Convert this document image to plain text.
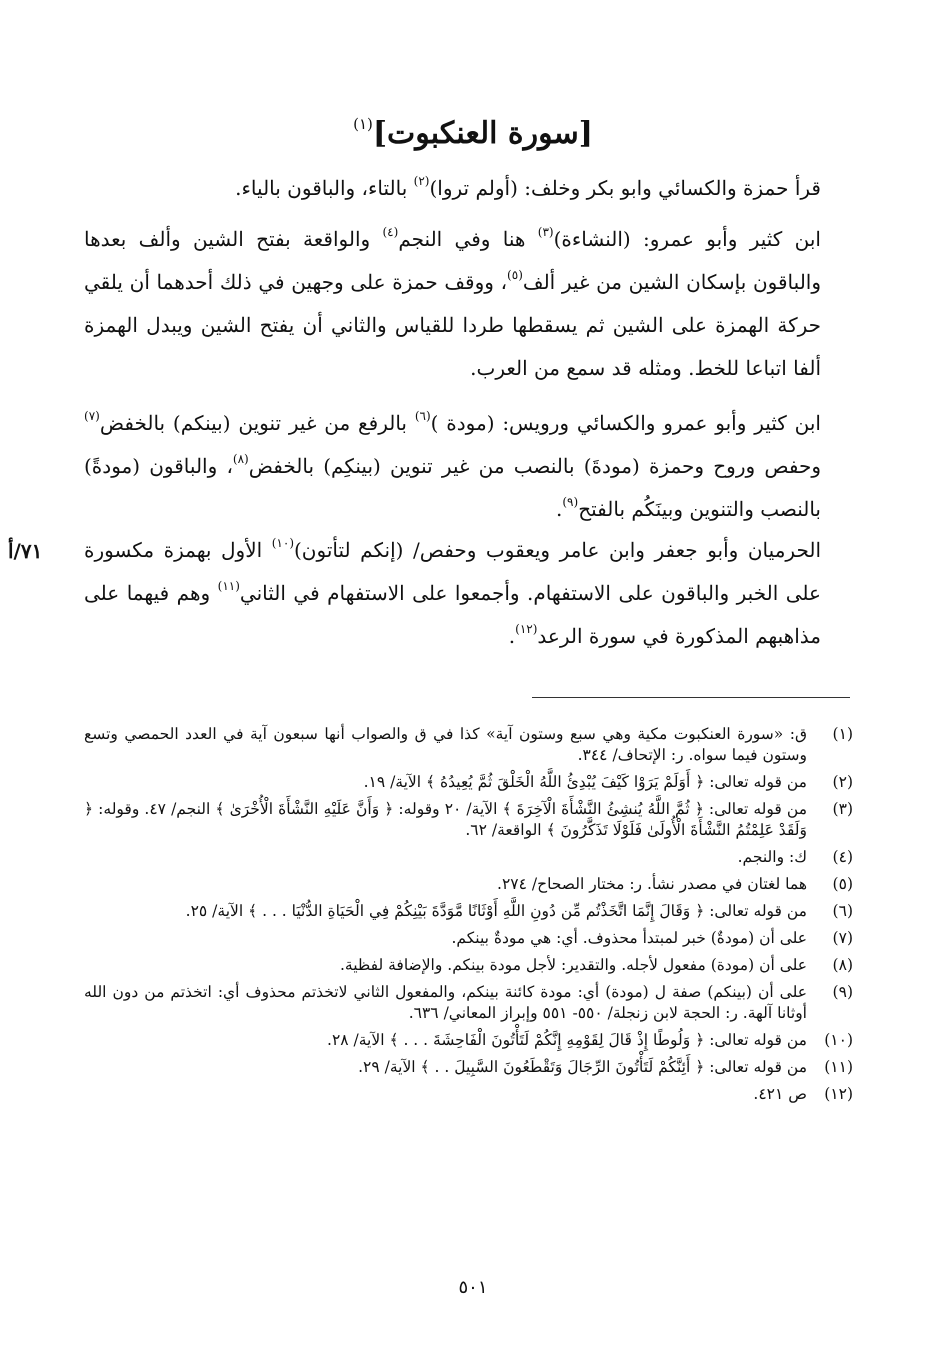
[سورة العنكبوت]$^{(١)}$
قرأ حمزة والكسائي وابو بكر وخلف: (أولم تروا)$^{(٢)}$ بالتاء، والباقون بالياء.
ابن كثير وأبو عمرو: (النشاءة)$^{(٣)}$ هنا وفي النجم$^{(٤)}$ والواقعة بفتح الشين وألف بعدها والباقون بإسكان الشين من غير ألف$^{(٥)}$، ووقف حمزة على وجهين في ذلك أحدهما أن يلقي حركة الهمزة على الشين ثم يسقطها طردا للقياس والثاني أن يفتح الشين ويبدل الهمزة ألفا اتباعا للخط. ومثله قد سمع من العرب.
ابن كثير وأبو عمرو والكسائي ورويس: (مودة )$^{(٦)}$ بالرفع من غير تنوين (بينكم) بالخفض$^{(٧)}$ وحفص وروح وحمزة (مودةَ) بالنصب من غير تنوين (بينكِم) بالخفض$^{(٨)}$، والباقون (مودةً) بالنصب والتنوين وبينَكُم بالفتح$^{(٩)}$.
الحرميان وأبو جعفر وابن عامر ويعقوب وحفص/ (إنكم لتأتون)$^{(١٠)}$ الأول بهمزة مكسورة على الخبر والباقون على الاستفهام. وأجمعوا على الاستفهام في الثاني$^{(١١)}$ وهم فيهما على مذاهبهم المذكورة في سورة الرعد$^{(١٢)}$.
٧١/أ
(١)
ق: «سورة العنكبوت مكية وهي سبع وستون آية» كذا في ق والصواب أنها سبعون آية في العدد الحمصي وتسع وستون فيما سواه. ر: الإتحاف/ ٣٤٤.
(٢)
من قوله تعالى: ﴿ أَوَلَمْ يَرَوْا كَيْفَ يُبْدِئُ اللَّهُ الْخَلْقَ ثُمَّ يُعِيدُهُ ﴾ الآية/ ١٩.
(٣)
من قوله تعالى: ﴿ ثُمَّ اللَّهُ يُنشِئُ النَّشْأَةَ الْآخِرَةَ ﴾ الآية/ ٢٠ وقوله: ﴿ وَأَنَّ عَلَيْهِ النَّشْأَةَ الْأُخْرَىٰ ﴾ النجم/ ٤٧. وقوله: ﴿ وَلَقَدْ عَلِمْتُمُ النَّشْأَةَ الْأُولَىٰ فَلَوْلَا تَذَكَّرُونَ ﴾ الواقعة/ ٦٢.
(٤)
ك: والنجم.
(٥)
هما لغتان في مصدر نشأ. ر: مختار الصحاح/ ٢٧٤.
(٦)
من قوله تعالى: ﴿ وَقَالَ إِنَّمَا اتَّخَذْتُم مِّن دُونِ اللَّهِ أَوْثَانًا مَّوَدَّةَ بَيْنِكُمْ فِي الْحَيَاةِ الدُّنْيَا . . . ﴾ الآية/ ٢٥.
(٧)
على أن (مودةٌ) خبر لمبتدأ محذوف. أي: هي مودةٌ بينكم.
(٨)
على أن (مودة) مفعول لأجله. والتقدير: لأجل مودة بينكم. والإضافة لفظية.
(٩)
على أن (بينكم) صفة ل (مودة) أي: مودة كائنة بينكم، والمفعول الثاني لاتخذتم محذوف أي: اتخذتم من دون الله أوثانا آلهة. ر: الحجة لابن زنجلة/ ٥٥٠- ٥٥١ وإبراز المعاني/ ٦٣٦.
(١٠)
من قوله تعالى: ﴿ وَلُوطًا إِذْ قَالَ لِقَوْمِهِ إِنَّكُمْ لَتَأْتُونَ الْفَاحِشَةَ . . . ﴾ الآية/ ٢٨.
(١١)
من قوله تعالى: ﴿ أَئِنَّكُمْ لَتَأْتُونَ الرِّجَالَ وَتَقْطَعُونَ السَّبِيلَ . . ﴾ الآية/ ٢٩.
(١٢)
ص ٤٢١.
٥٠١
